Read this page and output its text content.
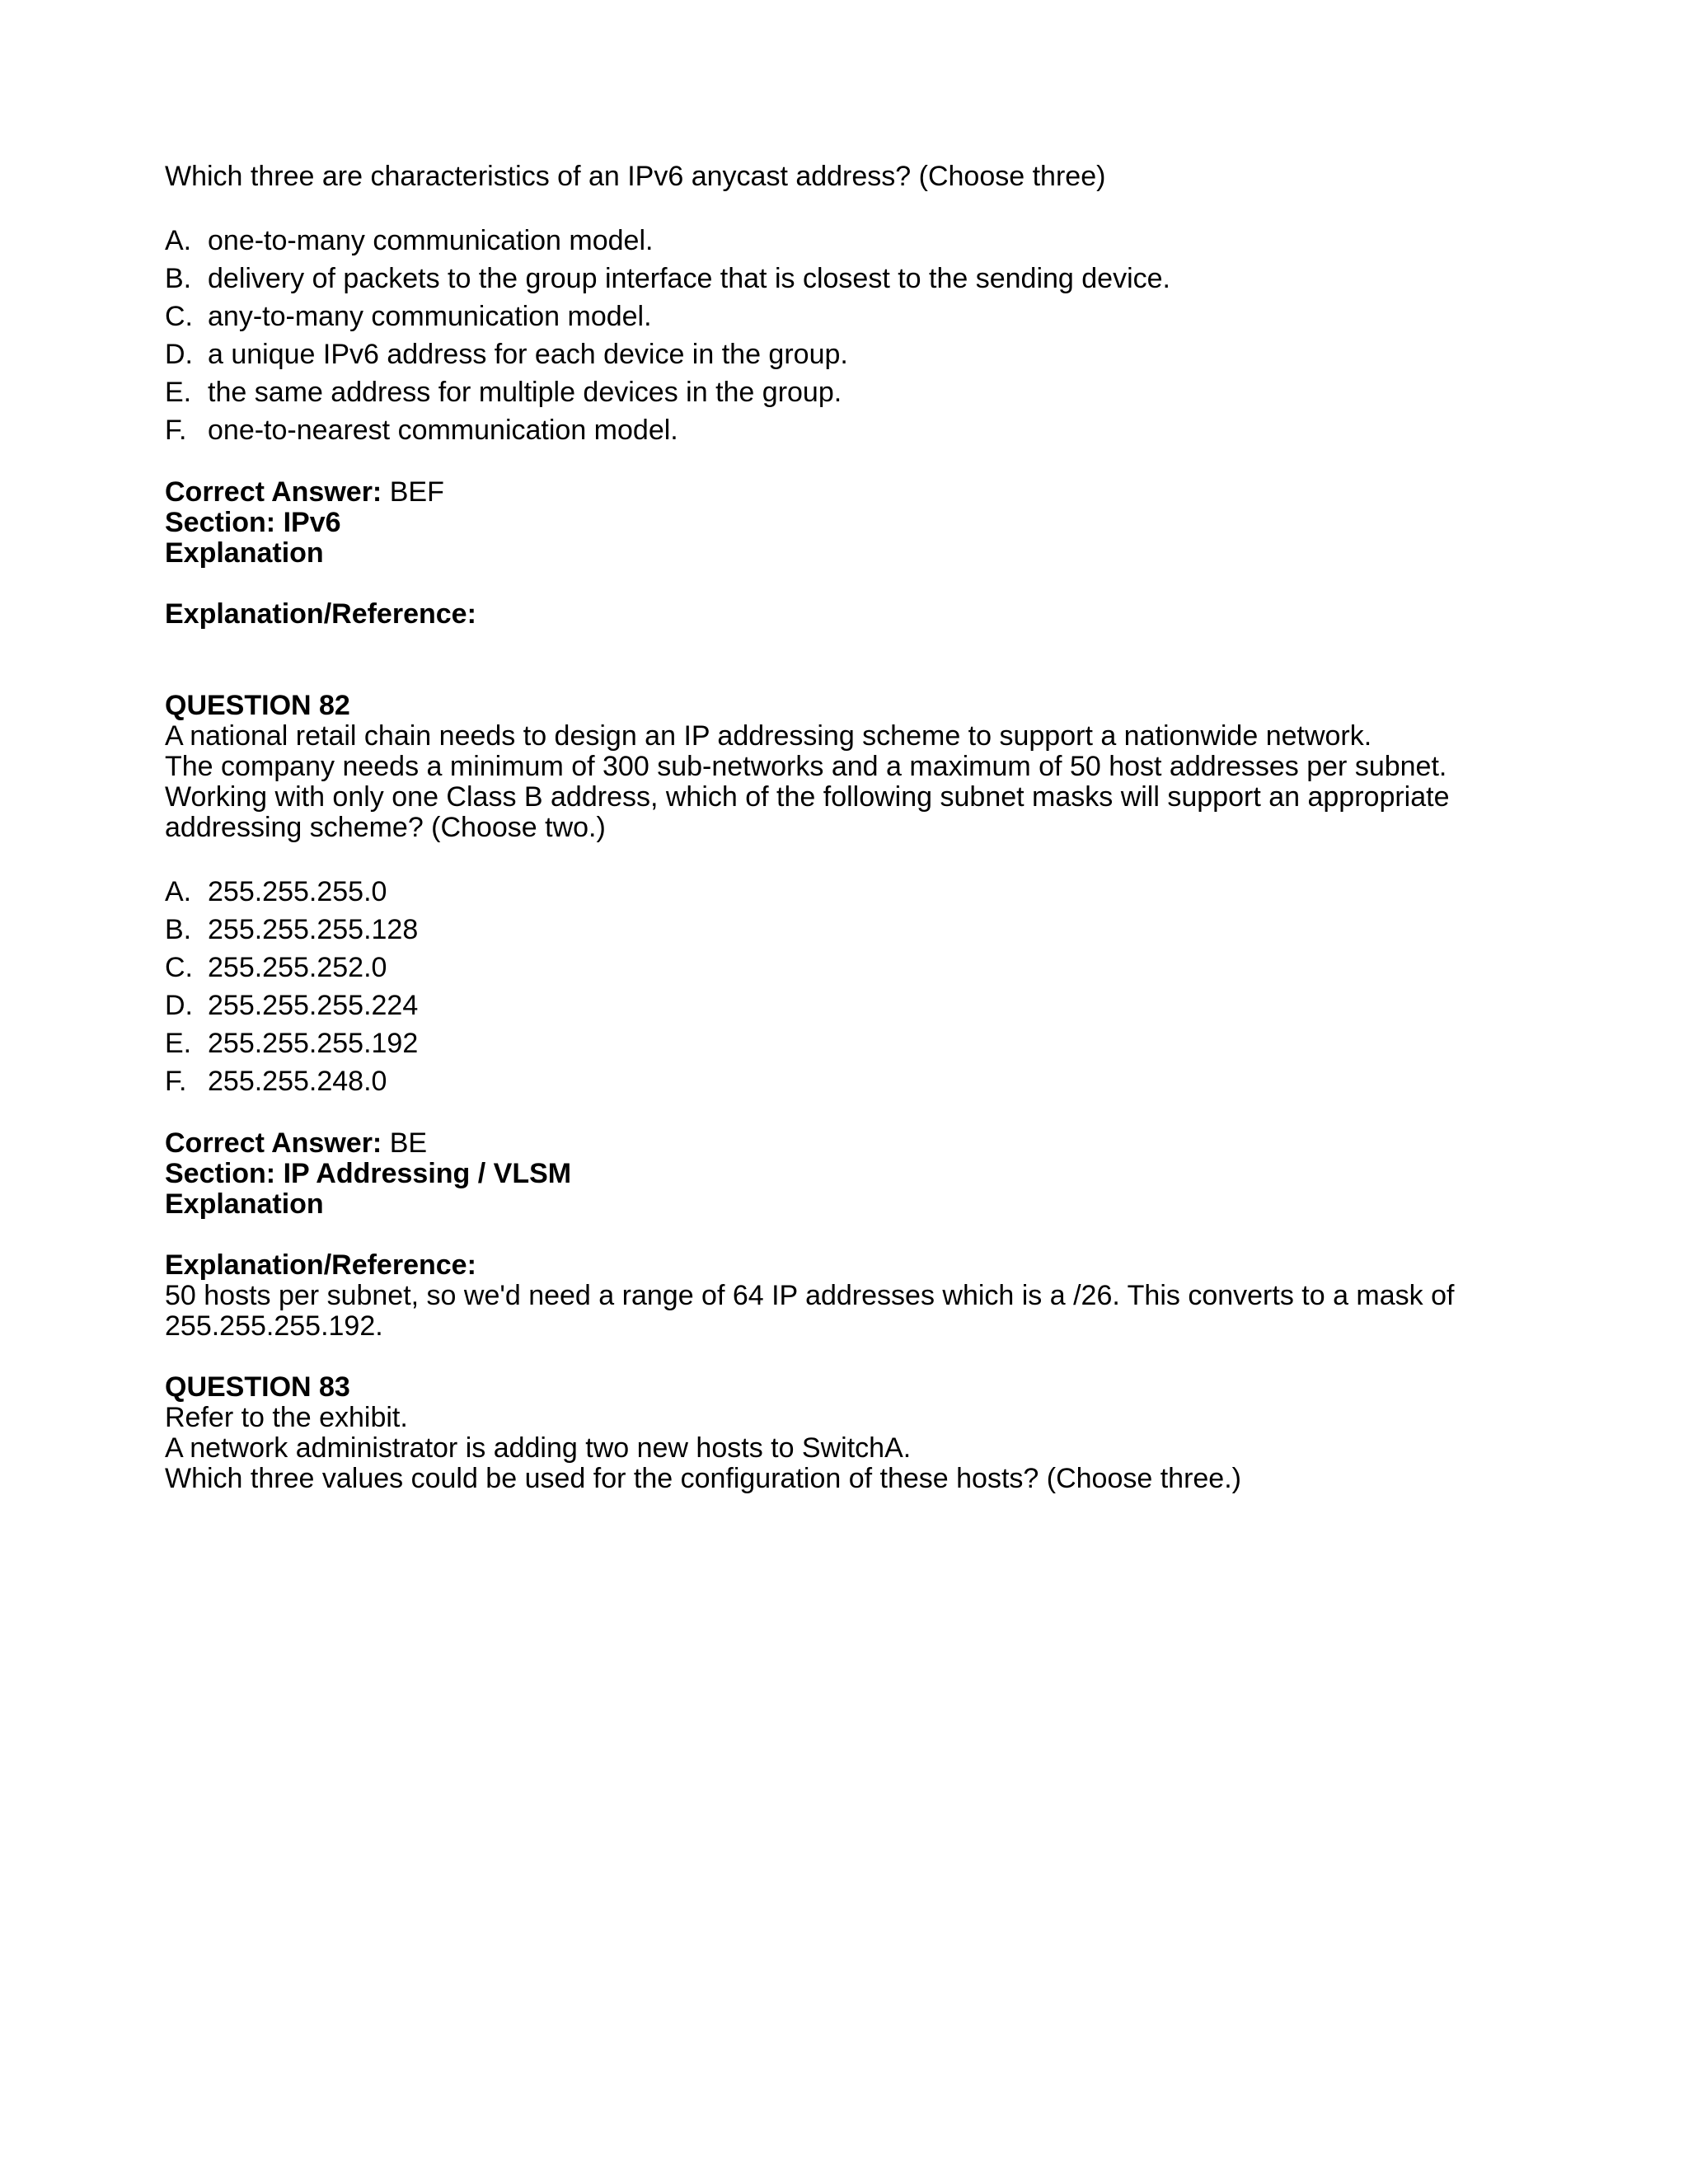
Which three are characteristics of an IPv6 anycast address? (Choose three)

A. one-to-many communication model.
B. delivery of packets to the group interface that is closest to the sending device.
C. any-to-many communication model.
D. a unique IPv6 address for each device in the group.
E. the same address for multiple devices in the group.
F. one-to-nearest communication model.
Correct Answer: BEF
Section: IPv6
Explanation
Explanation/Reference:
QUESTION 82
A national retail chain needs to design an IP addressing scheme to support a nationwide network.
The company needs a minimum of 300 sub-networks and a maximum of 50 host addresses per subnet.
Working with only one Class B address, which of the following subnet masks will support an appropriate
addressing scheme? (Choose two.)
A. 255.255.255.0
B. 255.255.255.128
C. 255.255.252.0
D. 255.255.255.224
E. 255.255.255.192
F. 255.255.248.0
Correct Answer: BE
Section: IP Addressing / VLSM
Explanation
Explanation/Reference:
50 hosts per subnet, so we'd need a range of 64 IP addresses which is a /26. This converts to a mask of
255.255.255.192.
QUESTION 83
Refer to the exhibit.
A network administrator is adding two new hosts to SwitchA.
Which three values could be used for the configuration of these hosts? (Choose three.)
